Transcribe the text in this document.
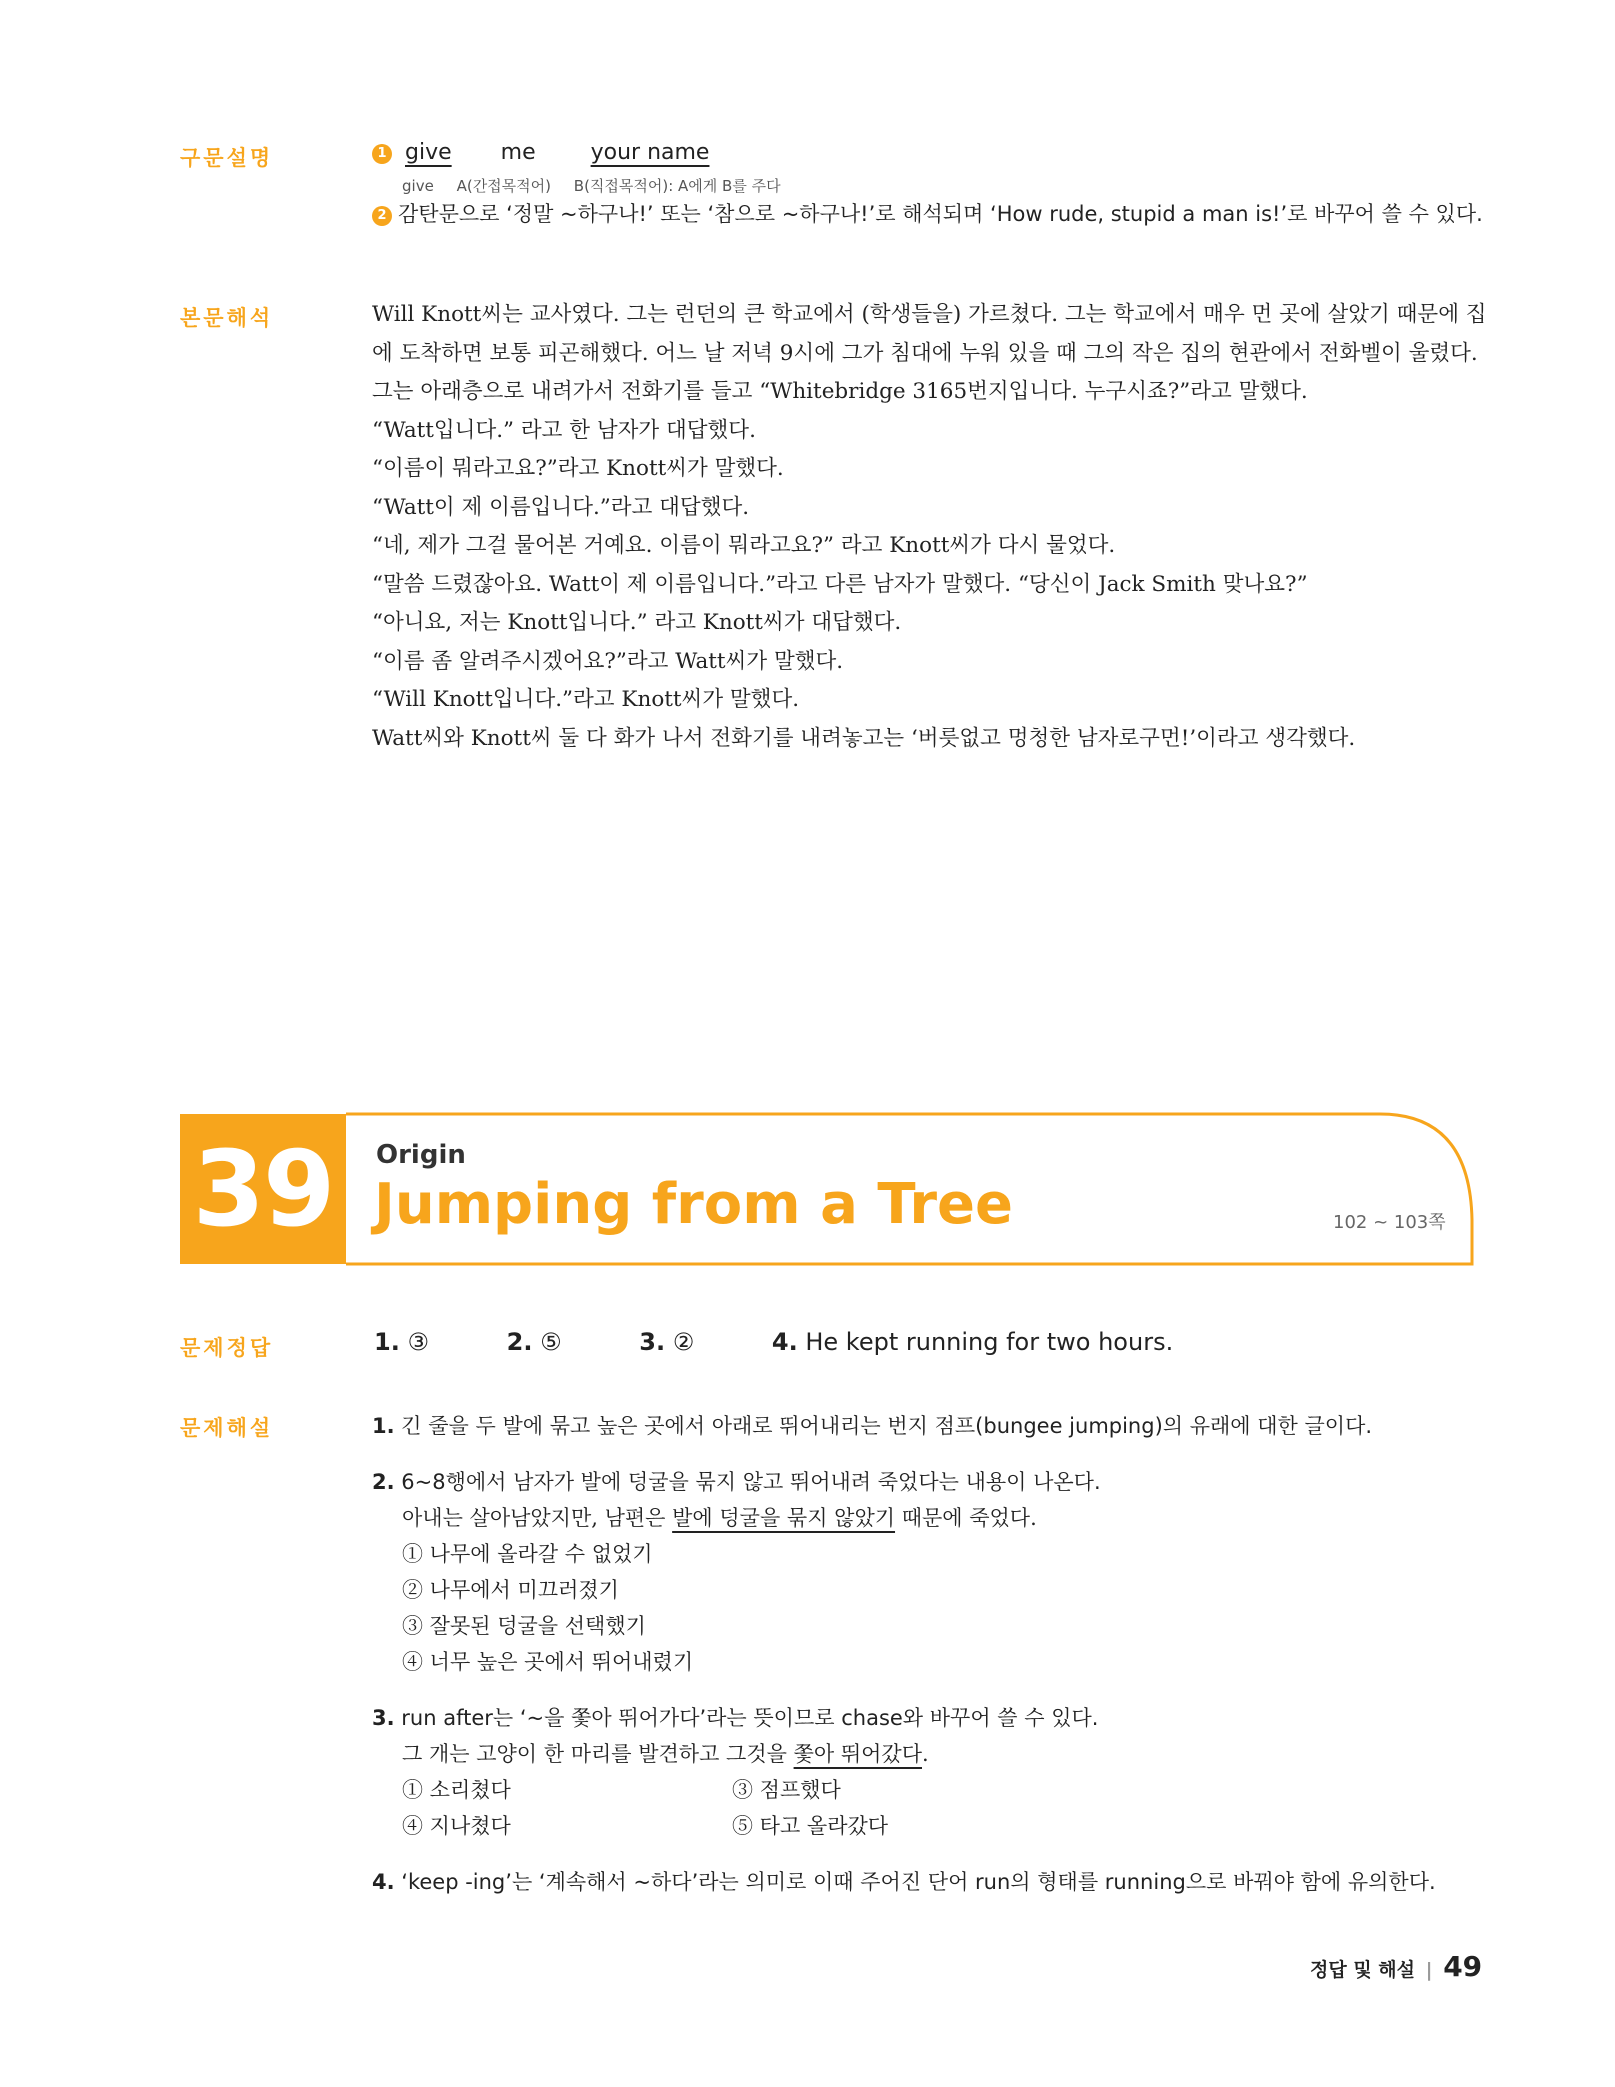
구문설명	1 give me	your name
give A(간접목적어) B(직접목적어): A에게 B를 주다
2 감탄문으로 ‘정말 ~하구나!’ 또는 ‘참으로 ~하구나!’로 해석되며 ‘How rude, stupid a man is!’로 바꾸어 쓸 수 있다.
본문해석	Will Knott씨는 교사였다. 그는 런던의 큰 학교에서 (학생들을) 가르쳤다. 그는 학교에서 매우 먼 곳에 살았기 때문에 집
에 도착하면 보통 피곤해했다. 어느 날 저녁 9시에 그가 침대에 누워 있을 때 그의 작은 집의 현관에서 전화벨이 울렸다.
그는 아래층으로 내려가서 전화기를 들고 “Whitebridge 3165번지입니다. 누구시죠?”라고 말했다.
“Watt입니다.” 라고 한 남자가 대답했다.
“이름이 뭐라고요?”라고 Knott씨가 말했다.
“Watt이 제 이름입니다.”라고 대답했다.
“네, 제가 그걸 물어본 거예요. 이름이 뭐라고요?” 라고 Knott씨가 다시 물었다.
“말씀 드렸잖아요. Watt이 제 이름입니다.”라고 다른 남자가 말했다. “당신이 Jack Smith 맞나요?”
“아니요, 저는 Knott입니다.” 라고 Knott씨가 대답했다.
“이름 좀 알려주시겠어요?”라고 Watt씨가 말했다.
“Will Knott입니다.”라고 Knott씨가 말했다.
Watt씨와 Knott씨 둘 다 화가 나서 전화기를 내려놓고는 ‘버릇없고 멍청한 남자로구먼!’이라고 생각했다.
39	Origin
Jumping from a Tree	102 ~ 103쪽
문제정답	1. ③	2. ⑤	3. ②	4. He kept running for two hours.
문제해설	1. 긴 줄을 두 발에 묶고 높은 곳에서 아래로 뛰어내리는 번지 점프(bungee jumping)의 유래에 대한 글이다.
2. 6~8행에서 남자가 발에 덩굴을 묶지 않고 뛰어내려 죽었다는 내용이 나온다.
아내는 살아남았지만, 남편은 발에 덩굴을 묶지 않았기 때문에 죽었다.
① 나무에 올라갈 수 없었기
② 나무에서 미끄러졌기
③ 잘못된 덩굴을 선택했기
④ 너무 높은 곳에서 뛰어내렸기
3. run after는 ‘~을 쫓아 뛰어가다’라는 뜻이므로 chase와 바꾸어 쓸 수 있다.
그 개는 고양이 한 마리를 발견하고 그것을 쫓아 뛰어갔다.
① 소리쳤다	③ 점프했다
④ 지나쳤다	⑤ 타고 올라갔다
4. ‘keep -ing’는 ‘계속해서 ~하다’라는 의미로 이때 주어진 단어 run의 형태를 running으로 바꿔야 함에 유의한다.
정답 및 해설 | 49
